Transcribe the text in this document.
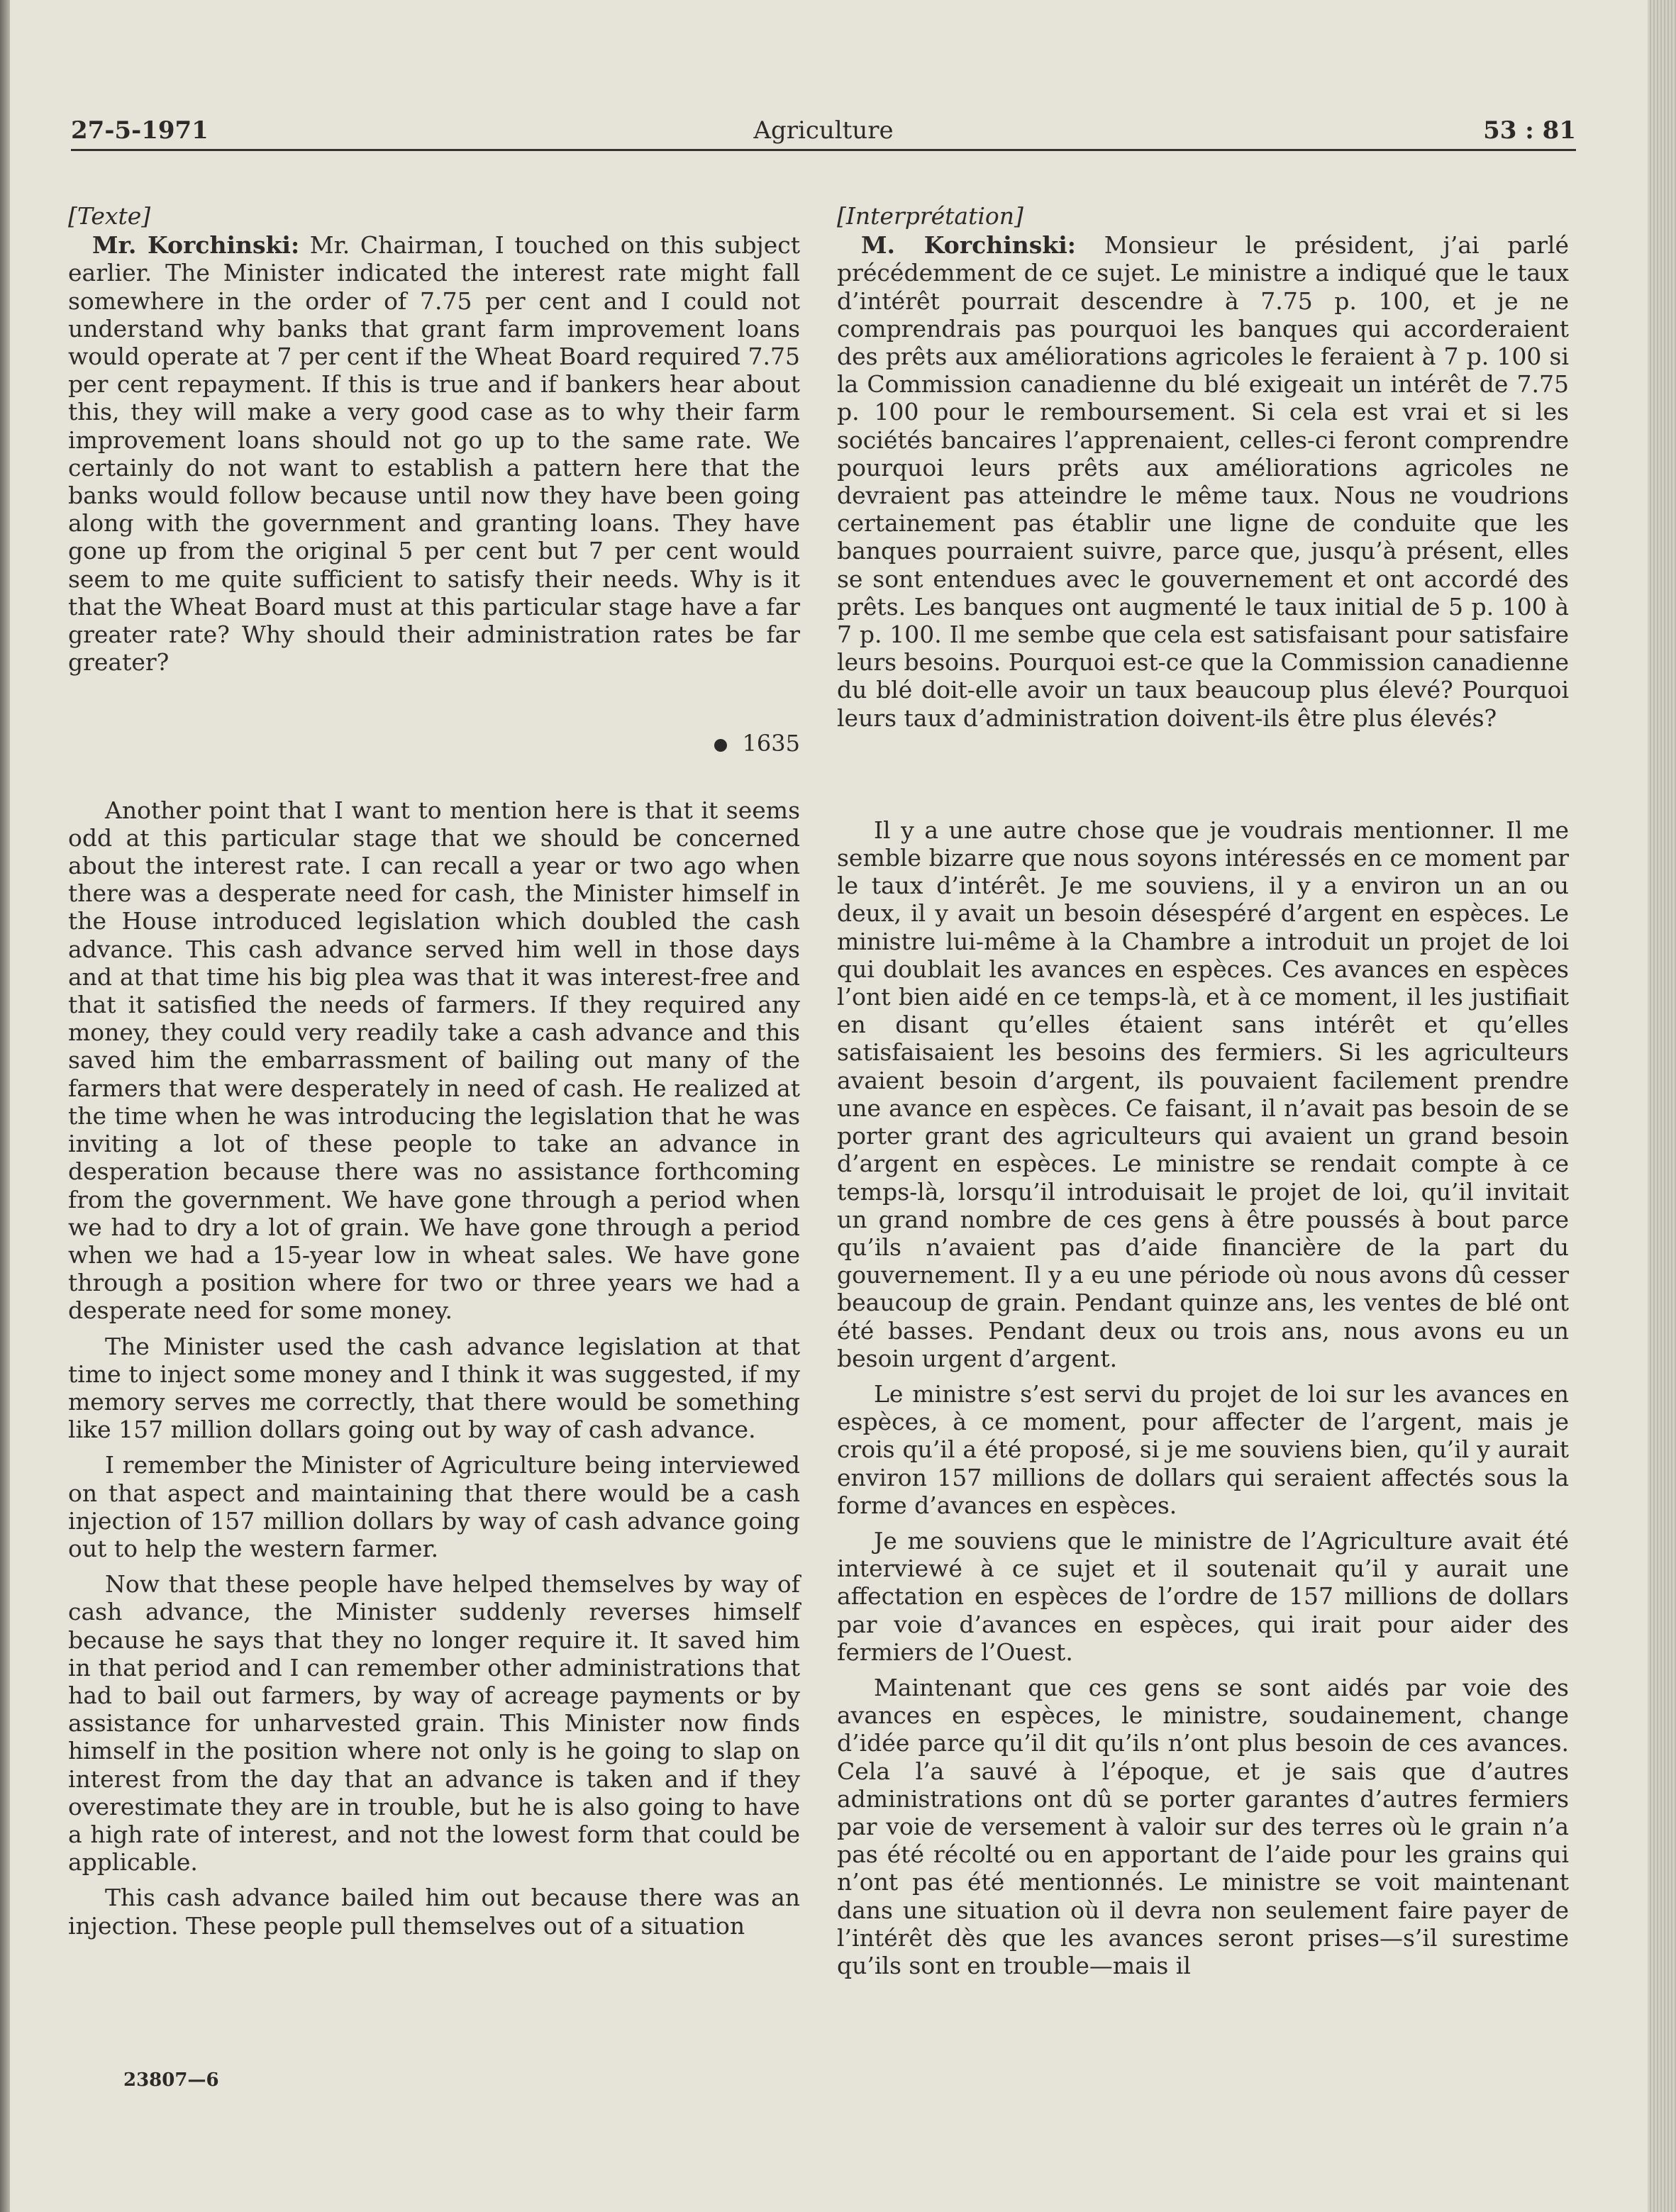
27-5-1971	Agriculture	53 : 81
[Texte]

Mr. Korchinski: Mr. Chairman, I touched on this subject earlier. The Minister indicated the interest rate might fall somewhere in the order of 7.75 per cent and I could not understand why banks that grant farm improvement loans would operate at 7 per cent if the Wheat Board required 7.75 per cent repayment. If this is true and if bankers hear about this, they will make a very good case as to why their farm improvement loans should not go up to the same rate. We certainly do not want to establish a pattern here that the banks would follow because until now they have been going along with the government and granting loans. They have gone up from the original 5 per cent but 7 per cent would seem to me quite sufficient to satisfy their needs. Why is it that the Wheat Board must at this particular stage have a far greater rate? Why should their administration rates be far greater?

1635

Another point that I want to mention here is that it seems odd at this particular stage that we should be concerned about the interest rate. I can recall a year or two ago when there was a desperate need for cash, the Minister himself in the House introduced legislation which doubled the cash advance. This cash advance served him well in those days and at that time his big plea was that it was interest-free and that it satisfied the needs of farmers. If they required any money, they could very readily take a cash advance and this saved him the embarrassment of bailing out many of the farmers that were desperately in need of cash. He realized at the time when he was introducing the legislation that he was inviting a lot of these people to take an advance in desperation because there was no assistance forthcoming from the government. We have gone through a period when we had to dry a lot of grain. We have gone through a period when we had a 15-year low in wheat sales. We have gone through a position where for two or three years we had a desperate need for some money.

The Minister used the cash advance legislation at that time to inject some money and I think it was suggested, if my memory serves me correctly, that there would be something like 157 million dollars going out by way of cash advance.

I remember the Minister of Agriculture being interviewed on that aspect and maintaining that there would be a cash injection of 157 million dollars by way of cash advance going out to help the western farmer.

Now that these people have helped themselves by way of cash advance, the Minister suddenly reverses himself because he says that they no longer require it. It saved him in that period and I can remember other administrations that had to bail out farmers, by way of acreage payments or by assistance for unharvested grain. This Minister now finds himself in the position where not only is he going to slap on interest from the day that an advance is taken and if they overestimate they are in trouble, but he is also going to have a high rate of interest, and not the lowest form that could be applicable.

This cash advance bailed him out because there was an injection. These people pull themselves out of a situation

[Interprétation]

M. Korchinski: Monsieur le président, j’ai parlé précédemment de ce sujet. Le ministre a indiqué que le taux d’intérêt pourrait descendre à 7.75 p. 100, et je ne comprendrais pas pourquoi les banques qui accorderaient des prêts aux améliorations agricoles le feraient à 7 p. 100 si la Commission canadienne du blé exigeait un intérêt de 7.75 p. 100 pour le remboursement. Si cela est vrai et si les sociétés bancaires l’apprenaient, celles-ci feront comprendre pourquoi leurs prêts aux améliorations agricoles ne devraient pas atteindre le même taux. Nous ne voudrions certainement pas établir une ligne de conduite que les banques pourraient suivre, parce que, jusqu’à présent, elles se sont entendues avec le gouvernement et ont accordé des prêts. Les banques ont augmenté le taux initial de 5 p. 100 à 7 p. 100. Il me sembe que cela est satisfaisant pour satisfaire leurs besoins. Pourquoi est-ce que la Commission canadienne du blé doit-elle avoir un taux beaucoup plus élevé? Pourquoi leurs taux d’administration doivent-ils être plus élevés?

Il y a une autre chose que je voudrais mentionner. Il me semble bizarre que nous soyons intéressés en ce moment par le taux d’intérêt. Je me souviens, il y a environ un an ou deux, il y avait un besoin désespéré d’argent en espèces. Le ministre lui-même à la Chambre a introduit un projet de loi qui doublait les avances en espèces. Ces avances en espèces l’ont bien aidé en ce temps-là, et à ce moment, il les justifiait en disant qu’elles étaient sans intérêt et qu’elles satisfaisaient les besoins des fermiers. Si les agriculteurs avaient besoin d’argent, ils pouvaient facilement prendre une avance en espèces. Ce faisant, il n’avait pas besoin de se porter grant des agriculteurs qui avaient un grand besoin d’argent en espèces. Le ministre se rendait compte à ce temps-là, lorsqu’il introduisait le projet de loi, qu’il invitait un grand nombre de ces gens à être poussés à bout parce qu’ils n’avaient pas d’aide financière de la part du gouvernement. Il y a eu une période où nous avons dû cesser beaucoup de grain. Pendant quinze ans, les ventes de blé ont été basses. Pendant deux ou trois ans, nous avons eu un besoin urgent d’argent.

Le ministre s’est servi du projet de loi sur les avances en espèces, à ce moment, pour affecter de l’argent, mais je crois qu’il a été proposé, si je me souviens bien, qu’il y aurait environ 157 millions de dollars qui seraient affectés sous la forme d’avances en espèces.

Je me souviens que le ministre de l’Agriculture avait été interviewé à ce sujet et il soutenait qu’il y aurait une affectation en espèces de l’ordre de 157 millions de dollars par voie d’avances en espèces, qui irait pour aider des fermiers de l’Ouest.

Maintenant que ces gens se sont aidés par voie des avances en espèces, le ministre, soudainement, change d’idée parce qu’il dit qu’ils n’ont plus besoin de ces avances. Cela l’a sauvé à l’époque, et je sais que d’autres administrations ont dû se porter garantes d’autres fermiers par voie de versement à valoir sur des terres où le grain n’a pas été récolté ou en apportant de l’aide pour les grains qui n’ont pas été mentionnés. Le ministre se voit maintenant dans une situation où il devra non seulement faire payer de l’intérêt dès que les avances seront prises—s’il surestime qu’ils sont en trouble—mais il

23807—6
